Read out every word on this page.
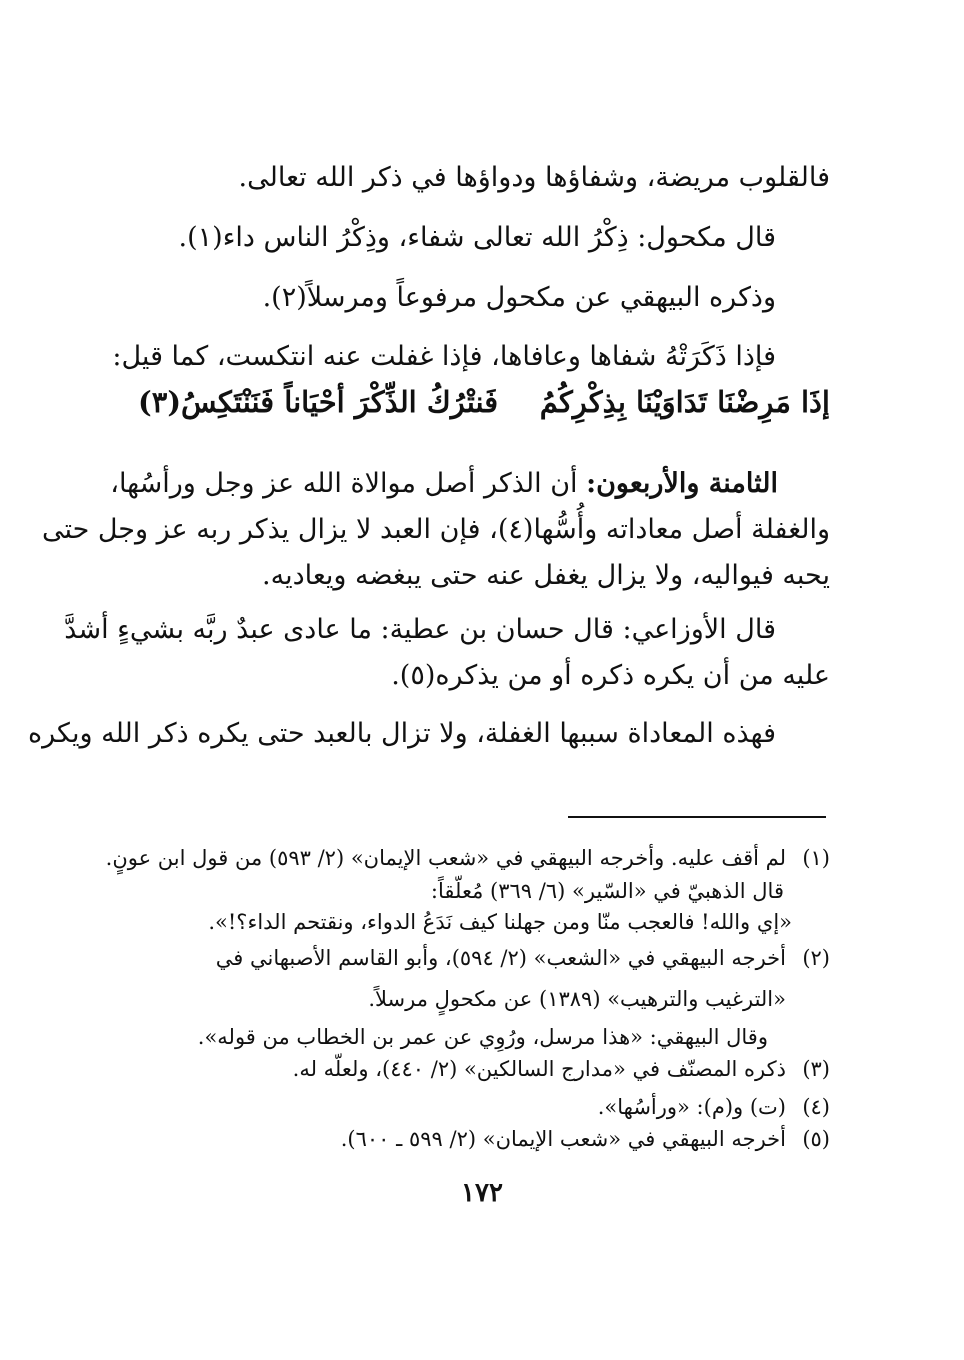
فالقلوب مريضة، وشفاؤها ودواؤها في ذكر الله تعالى.
قال مكحول: ذِكْرُ الله تعالى شفاء، وذِكْرُ الناس داء(١).
وذكره البيهقي عن مكحول مرفوعاً ومرسلاً(٢).
فإذا ذَكَرَتْهُ شفاها وعافاها، فإذا غفلت عنه انتكست، كما قيل:
إذَا مَرِضْنَا تَدَاوَيْنَا بِذِكْرِكُمُ
فَنتْرُكُ الذِّكْرَ أحْيَاناً فَنَنْتَكِسُ(٣)
الثامنة والأربعون: أن الذكر أصل موالاة الله عز وجل ورأسُها،
والغفلة أصل معاداته وأُسُّها(٤)، فإن العبد لا يزال يذكر ربه عز وجل حتى
يحبه فيواليه، ولا يزال يغفل عنه حتى يبغضه ويعاديه.
قال الأوزاعي: قال حسان بن عطية: ما عادى عبدٌ ربَّه بشيءٍ أشدَّ
عليه من أن يكره ذكره أو من يذكره(٥).
فهذه المعاداة سببها الغفلة، ولا تزال بالعبد حتى يكره ذكر الله ويكره
(١)لم أقف عليه. وأخرجه البيهقي في «شعب الإيمان» (٢/ ٥٩٣) من قول ابن عونٍ.
قال الذهبيّ في «السّير» (٦/ ٣٦٩) مُعلّقاً:
«إي والله! فالعجب منّا ومن جهلنا كيف نَدَعُ الدواء، ونقتحم الداء؟!».
(٢)أخرجه البيهقي في «الشعب» (٢/ ٥٩٤)، وأبو القاسم الأصبهاني في
«الترغيب والترهيب» (١٣٨٩) عن مكحولٍ مرسلاً.
وقال البيهقي: «هذا مرسل، ورُوِي عن عمر بن الخطاب من قوله».
(٣)ذكره المصنّف في «مدارج السالكين» (٢/ ٤٤٠)، ولعلّه له.
(٤)(ت) و(م): «ورأسُها».
(٥)أخرجه البيهقي في «شعب الإيمان» (٢/ ٥٩٩ ـ ٦٠٠).
١٧٢
